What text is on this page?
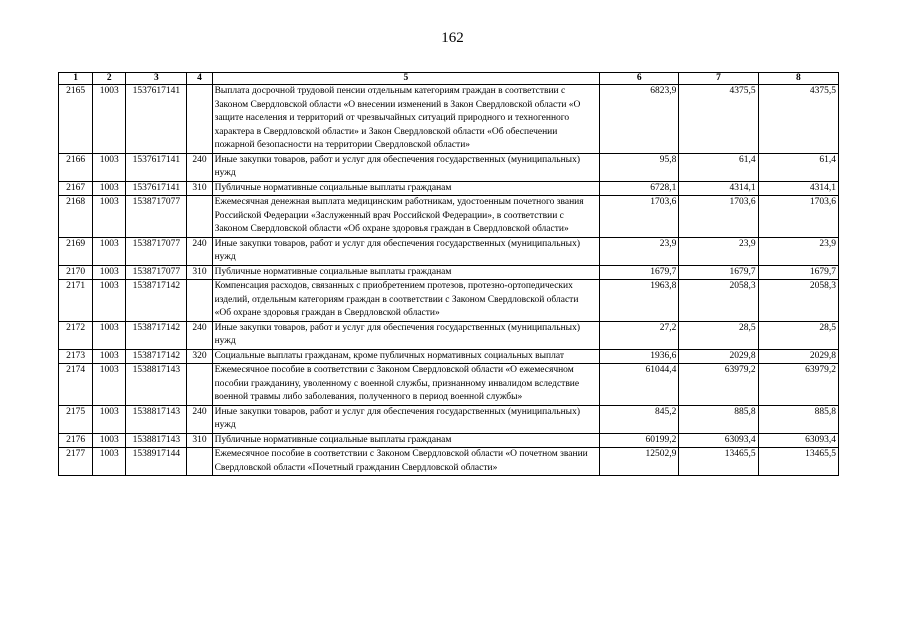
162
1	2	3	4	5	6	7	8
2165	1003	1537617141		Выплата досрочной трудовой пенсии отдельным категориям граждан в соответствии с Законом Свердловской области «О внесении изменений в Закон Свердловской области «О защите населения и территорий от чрезвычайных ситуаций природного и техногенного характера в Свердловской области» и Закон Свердловской области «Об обеспечении пожарной безопасности на территории Свердловской области»	6823,9	4375,5	4375,5
2166	1003	1537617141	240	Иные закупки товаров, работ и услуг для обеспечения государственных (муниципальных) нужд	95,8	61,4	61,4
2167	1003	1537617141	310	Публичные нормативные социальные выплаты гражданам	6728,1	4314,1	4314,1
2168	1003	1538717077		Ежемесячная денежная выплата медицинским работникам, удостоенным почетного звания Российской Федерации «Заслуженный врач Российской Федерации», в соответствии с Законом Свердловской области «Об охране здоровья граждан в Свердловской области»	1703,6	1703,6	1703,6
2169	1003	1538717077	240	Иные закупки товаров, работ и услуг для обеспечения государственных (муниципальных) нужд	23,9	23,9	23,9
2170	1003	1538717077	310	Публичные нормативные социальные выплаты гражданам	1679,7	1679,7	1679,7
2171	1003	1538717142		Компенсация расходов, связанных с приобретением протезов, протезно-ортопедических изделий, отдельным категориям граждан в соответствии с Законом Свердловской области «Об охране здоровья граждан в Свердловской области»	1963,8	2058,3	2058,3
2172	1003	1538717142	240	Иные закупки товаров, работ и услуг для обеспечения государственных (муниципальных) нужд	27,2	28,5	28,5
2173	1003	1538717142	320	Социальные выплаты гражданам, кроме публичных нормативных социальных выплат	1936,6	2029,8	2029,8
2174	1003	1538817143		Ежемесячное пособие в соответствии с Законом Свердловской области «О ежемесячном пособии гражданину, уволенному с военной службы, признанному инвалидом вследствие военной травмы либо заболевания, полученного в период военной службы»	61044,4	63979,2	63979,2
2175	1003	1538817143	240	Иные закупки товаров, работ и услуг для обеспечения государственных (муниципальных) нужд	845,2	885,8	885,8
2176	1003	1538817143	310	Публичные нормативные социальные выплаты гражданам	60199,2	63093,4	63093,4
2177	1003	1538917144		Ежемесячное пособие в соответствии с Законом Свердловской области «О почетном звании Свердловской области «Почетный гражданин Свердловской области»	12502,9	13465,5	13465,5
